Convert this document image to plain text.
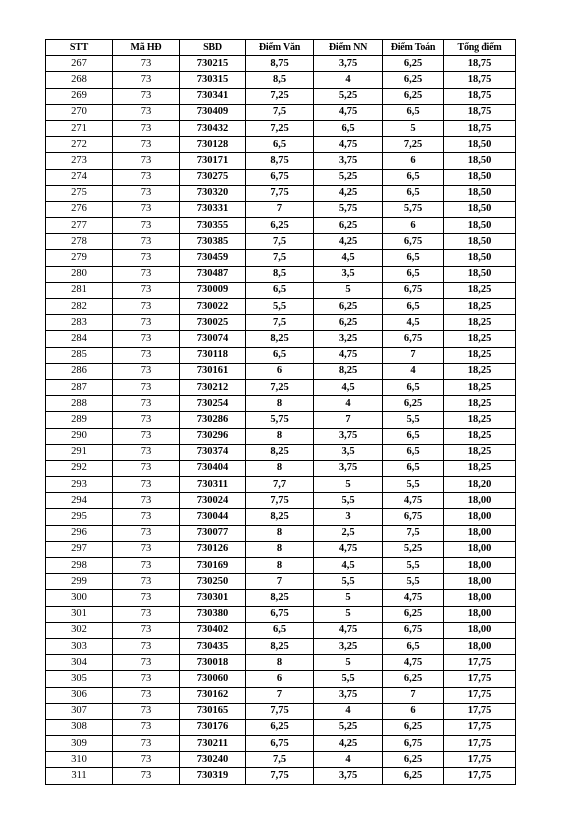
STT	Mã HĐ	SBD	Điểm Văn	Điểm NN	Điểm Toán	Tổng điểm
267	73	730215	8,75	3,75	6,25	18,75
268	73	730315	8,5	4	6,25	18,75
269	73	730341	7,25	5,25	6,25	18,75
270	73	730409	7,5	4,75	6,5	18,75
271	73	730432	7,25	6,5	5	18,75
272	73	730128	6,5	4,75	7,25	18,50
273	73	730171	8,75	3,75	6	18,50
274	73	730275	6,75	5,25	6,5	18,50
275	73	730320	7,75	4,25	6,5	18,50
276	73	730331	7	5,75	5,75	18,50
277	73	730355	6,25	6,25	6	18,50
278	73	730385	7,5	4,25	6,75	18,50
279	73	730459	7,5	4,5	6,5	18,50
280	73	730487	8,5	3,5	6,5	18,50
281	73	730009	6,5	5	6,75	18,25
282	73	730022	5,5	6,25	6,5	18,25
283	73	730025	7,5	6,25	4,5	18,25
284	73	730074	8,25	3,25	6,75	18,25
285	73	730118	6,5	4,75	7	18,25
286	73	730161	6	8,25	4	18,25
287	73	730212	7,25	4,5	6,5	18,25
288	73	730254	8	4	6,25	18,25
289	73	730286	5,75	7	5,5	18,25
290	73	730296	8	3,75	6,5	18,25
291	73	730374	8,25	3,5	6,5	18,25
292	73	730404	8	3,75	6,5	18,25
293	73	730311	7,7	5	5,5	18,20
294	73	730024	7,75	5,5	4,75	18,00
295	73	730044	8,25	3	6,75	18,00
296	73	730077	8	2,5	7,5	18,00
297	73	730126	8	4,75	5,25	18,00
298	73	730169	8	4,5	5,5	18,00
299	73	730250	7	5,5	5,5	18,00
300	73	730301	8,25	5	4,75	18,00
301	73	730380	6,75	5	6,25	18,00
302	73	730402	6,5	4,75	6,75	18,00
303	73	730435	8,25	3,25	6,5	18,00
304	73	730018	8	5	4,75	17,75
305	73	730060	6	5,5	6,25	17,75
306	73	730162	7	3,75	7	17,75
307	73	730165	7,75	4	6	17,75
308	73	730176	6,25	5,25	6,25	17,75
309	73	730211	6,75	4,25	6,75	17,75
310	73	730240	7,5	4	6,25	17,75
311	73	730319	7,75	3,75	6,25	17,75
